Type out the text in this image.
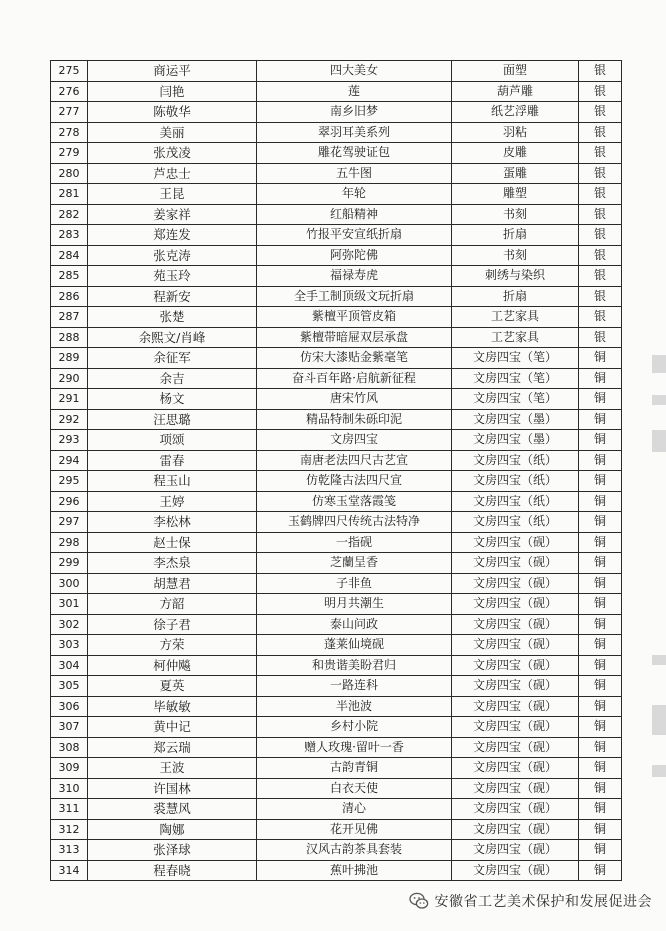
275	商运平	四大美女	面塑	银
276	闫艳	莲	葫芦雕	银
277	陈敬华	南乡旧梦	纸艺浮雕	银
278	美丽	翠羽耳美系列	羽粘	银
279	张茂凌	雕花驾驶证包	皮雕	银
280	芦忠士	五牛图	蛋雕	银
281	王昆	年轮	雕塑	银
282	姜家祥	红船精神	书刻	银
283	郑连发	竹报平安宣纸折扇	折扇	银
284	张克涛	阿弥陀佛	书刻	银
285	苑玉玲	福禄寿虎	刺绣与染织	银
286	程新安	全手工制顶级文玩折扇	折扇	银
287	张楚	紫檀平顶管皮箱	工艺家具	银
288	余熙文/肖峰	紫檀带暗屉双层承盘	工艺家具	银
289	余征军	仿宋大漆贴金紫毫笔	文房四宝（笔）	铜
290	余吉	奋斗百年路·启航新征程	文房四宝（笔）	铜
291	杨文	唐宋竹风	文房四宝（笔）	铜
292	汪思璐	精品特制朱砾印泥	文房四宝（墨）	铜
293	项颂	文房四宝	文房四宝（墨）	铜
294	雷春	南唐老法四尺古艺宣	文房四宝（纸）	铜
295	程玉山	仿乾隆古法四尺宣	文房四宝（纸）	铜
296	王婷	仿寒玉堂落霞笺	文房四宝（纸）	铜
297	李松林	玉鹤牌四尺传统古法特净	文房四宝（纸）	铜
298	赵士保	一指砚	文房四宝（砚）	铜
299	李杰泉	芝蘭呈香	文房四宝（砚）	铜
300	胡慧君	子非鱼	文房四宝（砚）	铜
301	方韶	明月共潮生	文房四宝（砚）	铜
302	徐子君	泰山问政	文房四宝（砚）	铜
303	方荣	蓬莱仙境砚	文房四宝（砚）	铜
304	柯仲飚	和贵谐美盼君归	文房四宝（砚）	铜
305	夏英	一路连科	文房四宝（砚）	铜
306	毕敏敏	半池波	文房四宝（砚）	铜
307	黄中记	乡村小院	文房四宝（砚）	铜
308	郑云瑞	赠人玫瑰·留叶一香	文房四宝（砚）	铜
309	王波	古韵青铜	文房四宝（砚）	铜
310	许国林	白衣天使	文房四宝（砚）	铜
311	裘慧风	清心	文房四宝（砚）	铜
312	陶娜	花开见佛	文房四宝（砚）	铜
313	张泽球	汉风古韵茶具套装	文房四宝（砚）	铜
314	程春晓	蕉叶拂池	文房四宝（砚）	铜
安徽省工艺美术保护和发展促进会
